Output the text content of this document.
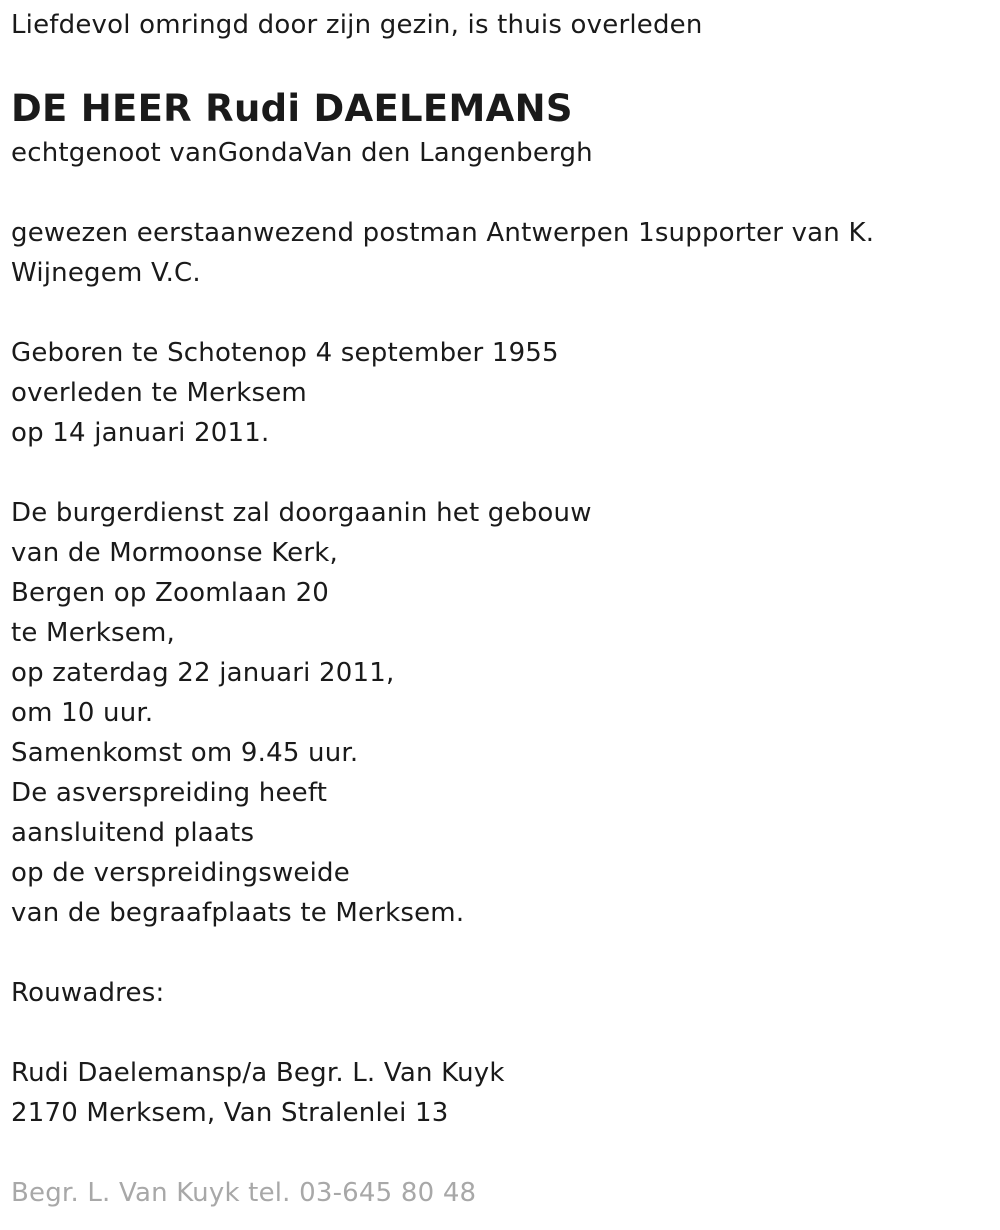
Liefdevol omringd door zijn gezin, is thuis overleden
DE HEER Rudi DAELEMANS
echtgenoot vanGondaVan den Langenbergh
gewezen eerstaanwezend postman Antwerpen 1supporter van K.
Wijnegem V.C.
Geboren te Schotenop 4 september 1955
overleden te Merksem
op 14 januari 2011.
De burgerdienst zal doorgaanin het gebouw
van de Mormoonse Kerk,
Bergen op Zoomlaan 20
te Merksem,
op zaterdag 22 januari 2011,
om 10 uur.
Samenkomst om 9.45 uur.
De asverspreiding heeft
aansluitend plaats
op de verspreidingsweide
van de begraafplaats te Merksem.
Rouwadres:
Rudi Daelemansp/a Begr. L. Van Kuyk
2170 Merksem, Van Stralenlei 13
Begr. L. Van Kuyk tel. 03-645 80 48
